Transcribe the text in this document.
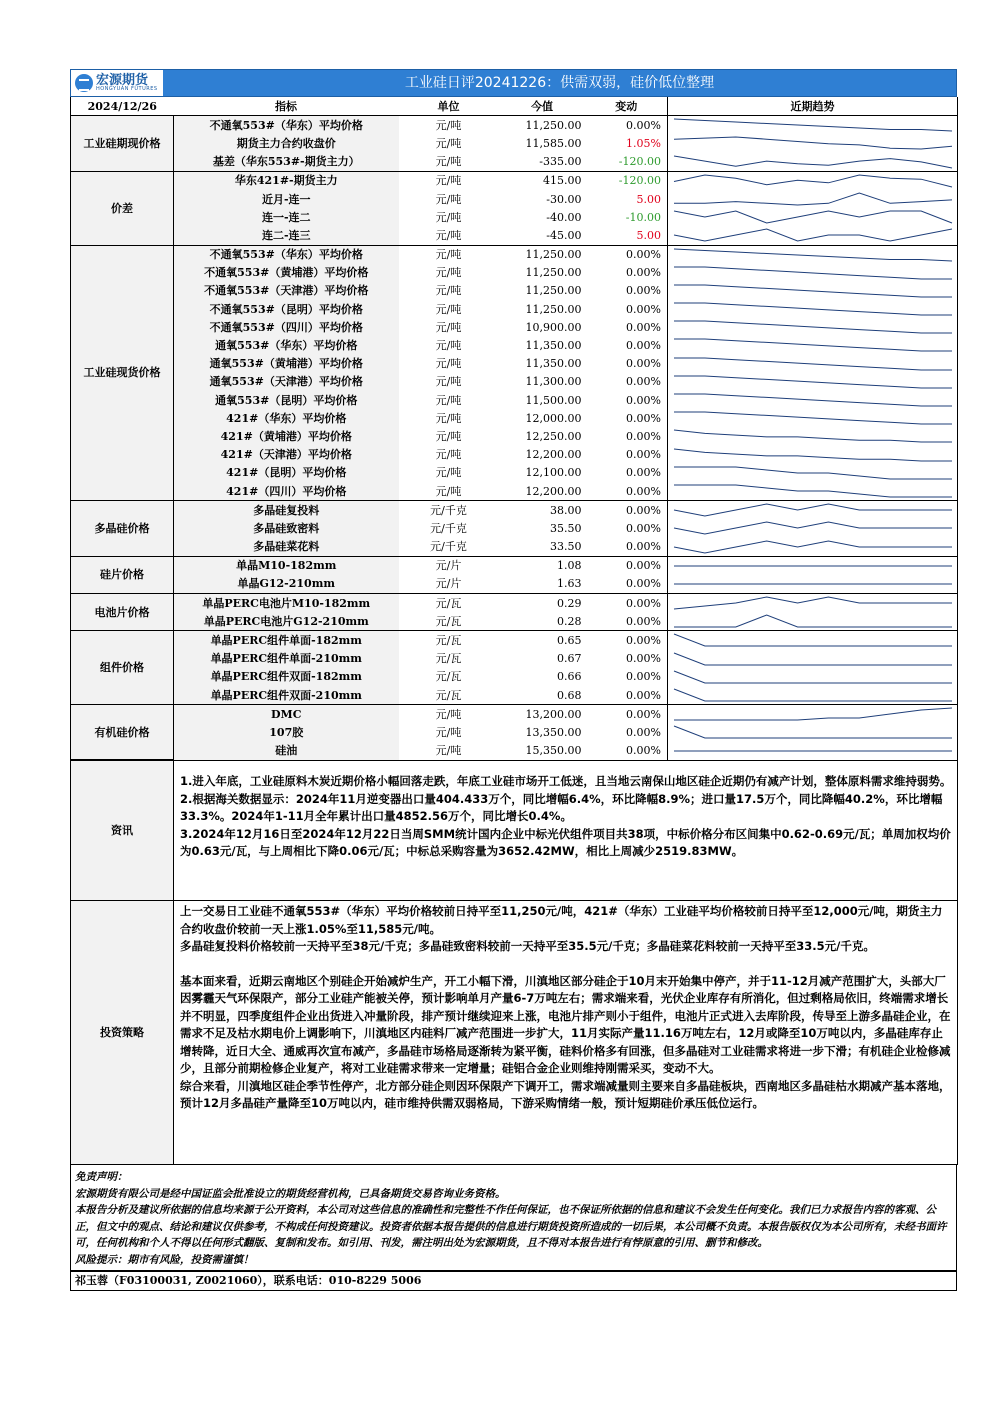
宏源期货
HONGYUAN FUTURES	工业硅日评20241226：供需双弱，硅价低位整理
2024/12/26	指标	单位	今值	变动	近期趋势
工业硅期现价格	不通氧553#（华东）平均价格	元/吨	11,250.00	0.00%	

	期货主力合约收盘价	元/吨	11,585.00	1.05%	

	基差（华东553#-期货主力）	元/吨	-335.00	-120.00	

价差	华东421#-期货主力	元/吨	415.00	-120.00	

	近月-连一	元/吨	-30.00	5.00	

	连一-连二	元/吨	-40.00	-10.00	

	连二-连三	元/吨	-45.00	5.00	

工业硅现货价格	不通氧553#（华东）平均价格	元/吨	11,250.00	0.00%	

	不通氧553#（黄埔港）平均价格	元/吨	11,250.00	0.00%	

	不通氧553#（天津港）平均价格	元/吨	11,250.00	0.00%	

	不通氧553#（昆明）平均价格	元/吨	11,250.00	0.00%	

	不通氧553#（四川）平均价格	元/吨	10,900.00	0.00%	

	通氧553#（华东）平均价格	元/吨	11,350.00	0.00%	

	通氧553#（黄埔港）平均价格	元/吨	11,350.00	0.00%	

	通氧553#（天津港）平均价格	元/吨	11,300.00	0.00%	

	通氧553#（昆明）平均价格	元/吨	11,500.00	0.00%	

	421#（华东）平均价格	元/吨	12,000.00	0.00%	

	421#（黄埔港）平均价格	元/吨	12,250.00	0.00%	

	421#（天津港）平均价格	元/吨	12,200.00	0.00%	

	421#（昆明）平均价格	元/吨	12,100.00	0.00%	

	421#（四川）平均价格	元/吨	12,200.00	0.00%	

多晶硅价格	多晶硅复投料	元/千克	38.00	0.00%	

	多晶硅致密料	元/千克	35.50	0.00%	

	多晶硅菜花料	元/千克	33.50	0.00%	

硅片价格	单晶M10-182mm	元/片	1.08	0.00%	

	单晶G12-210mm	元/片	1.63	0.00%	

电池片价格	单晶PERC电池片M10-182mm	元/瓦	0.29	0.00%	

	单晶PERC电池片G12-210mm	元/瓦	0.28	0.00%	

组件价格	单晶PERC组件单面-182mm	元/瓦	0.65	0.00%	

	单晶PERC组件单面-210mm	元/瓦	0.67	0.00%	

	单晶PERC组件双面-182mm	元/瓦	0.66	0.00%	

	单晶PERC组件双面-210mm	元/瓦	0.68	0.00%	

有机硅价格	DMC	元/吨	13,200.00	0.00%	

	107胶	元/吨	13,350.00	0.00%	

	硅油	元/吨	15,350.00	0.00%	
资讯	1.进入年底，工业硅原料木炭近期价格小幅回落走跌，年底工业硅市场开工低迷，且当地云南保山地区硅企近期仍有减产计划，整体原料需求维持弱势。

2.根据海关数据显示：2024年11月逆变器出口量404.433万个，同比增幅6.4%，环比降幅8.9%；进口量17.5万个，同比降幅40.2%，环比增幅33.3%。2024年1-11月全年累计出口量4852.56万个，同比增长0.4%。

3.2024年12月16日至2024年12月22日当周SMM统计国内企业中标光伏组件项目共38项，中标价格分布区间集中0.62-0.69元/瓦；单周加权均价为0.63元/瓦，与上周相比下降0.06元/瓦；中标总采购容量为3652.42MW，相比上周减少2519.83MW。

投资策略	上一交易日工业硅不通氧553#（华东）平均价格较前日持平至11,250元/吨，421#（华东）工业硅平均价格较前日持平至12,000元/吨，期货主力合约收盘价较前一天上涨1.05%至11,585元/吨。

多晶硅复投料价格较前一天持平至38元/千克；多晶硅致密料较前一天持平至35.5元/千克；多晶硅菜花料较前一天持平至33.5元/千克。

基本面来看，近期云南地区个别硅企开始减炉生产，开工小幅下滑，川滇地区部分硅企于10月末开始集中停产，并于11-12月减产范围扩大，头部大厂因雾霾天气环保限产，部分工业硅产能被关停，预计影响单月产量6-7万吨左右；需求端来看，光伏企业库存有所消化，但过剩格局依旧，终端需求增长并不明显，四季度组件企业出货进入冲量阶段，排产预计继续迎来上涨，电池片排产则小于组件，电池片正式进入去库阶段，传导至上游多晶硅企业，在需求不足及枯水期电价上调影响下，川滇地区内硅料厂减产范围进一步扩大，11月实际产量11.16万吨左右，12月或降至10万吨以内，多晶硅库存止增转降，近日大全、通威再次宣布减产，多晶硅市场格局逐渐转为紧平衡，硅料价格多有回涨，但多晶硅对工业硅需求将进一步下滑；有机硅企业检修减少，且部分前期检修企业复产，将对工业硅需求带来一定增量；硅铝合金企业则维持刚需采买，变动不大。

综合来看，川滇地区硅企季节性停产，北方部分硅企则因环保限产下调开工，需求端减量则主要来自多晶硅板块，西南地区多晶硅枯水期减产基本落地，预计12月多晶硅产量降至10万吨以内，硅市维持供需双弱格局，下游采购情绪一般，预计短期硅价承压低位运行。

免责声明：
宏源期货有限公司是经中国证监会批准设立的期货经营机构，已具备期货交易咨询业务资格。
本报告分析及建议所依据的信息均来源于公开资料，本公司对这些信息的准确性和完整性不作任何保证，也不保证所依据的信息和建议不会发生任何变化。我们已力求报告内容的客观、公正，但文中的观点、结论和建议仅供参考，不构成任何投资建议。投资者依据本报告提供的信息进行期货投资所造成的一切后果，本公司概不负责。本报告版权仅为本公司所有，未经书面许可，任何机构和个人不得以任何形式翻版、复制和发布。如引用、刊发，需注明出处为宏源期货，且不得对本报告进行有悖原意的引用、删节和修改。
风险提示：期市有风险，投资需谨慎！
祁玉蓉（F03100031, Z0021060），联系电话：010-8229 5006
